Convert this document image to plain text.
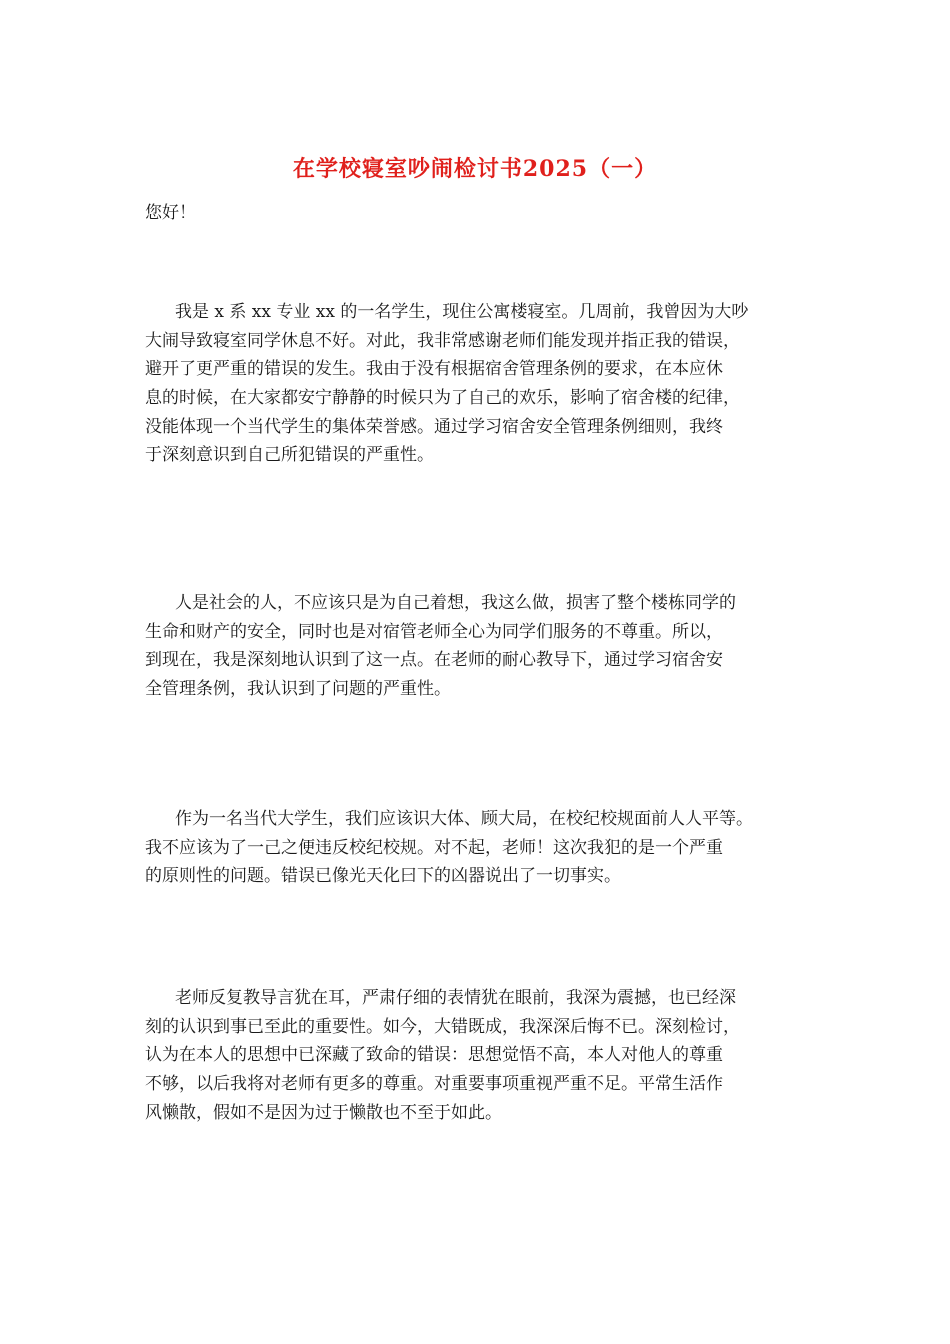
在学校寝室吵闹检讨书2025（一）

您好！

我是 x 系 xx 专业 xx 的一名学生，现住公寓楼寝室。几周前，我曾因为大吵
大闹导致寝室同学休息不好。对此，我非常感谢老师们能发现并指正我的错误，
避开了更严重的错误的发生。我由于没有根据宿舍管理条例的要求，在本应休
息的时候，在大家都安宁静静的时候只为了自己的欢乐，影响了宿舍楼的纪律，
没能体现一个当代学生的集体荣誉感。通过学习宿舍安全管理条例细则，我终
于深刻意识到自己所犯错误的严重性。

人是社会的人，不应该只是为自己着想，我这么做，损害了整个楼栋同学的
生命和财产的安全，同时也是对宿管老师全心为同学们服务的不尊重。所以，
到现在，我是深刻地认识到了这一点。在老师的耐心教导下，通过学习宿舍安
全管理条例，我认识到了问题的严重性。

作为一名当代大学生，我们应该识大体、顾大局，在校纪校规面前人人平等。
我不应该为了一己之便违反校纪校规。对不起，老师！这次我犯的是一个严重
的原则性的问题。错误已像光天化曰下的凶器说出了一切事实。

老师反复教导言犹在耳，严肃仔细的表情犹在眼前，我深为震撼，也已经深
刻的认识到事已至此的重要性。如今，大错既成，我深深后悔不已。深刻检讨，
认为在本人的思想中已深藏了致命的错误：思想觉悟不高，本人对他人的尊重
不够，以后我将对老师有更多的尊重。对重要事项重视严重不足。平常生活作
风懒散，假如不是因为过于懒散也不至于如此。
